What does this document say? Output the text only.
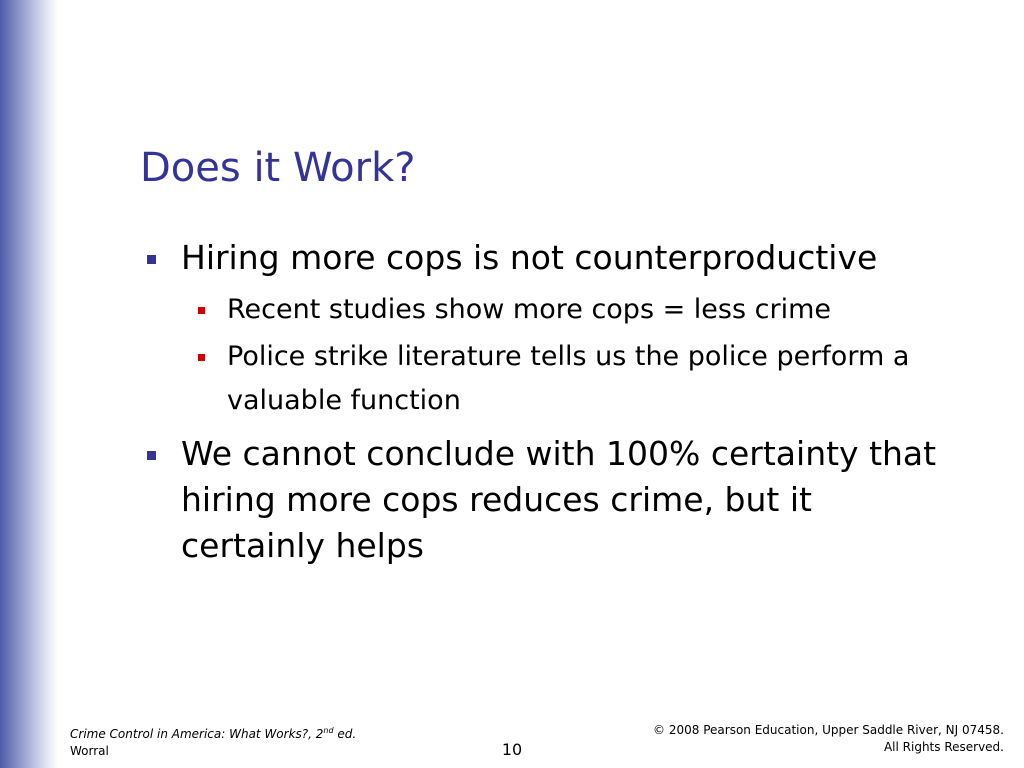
Does it Work?
Hiring more cops is not counterproductive
Recent studies show more cops = less crime
Police strike literature tells us the police perform a
valuable function
We cannot conclude with 100% certainty that
hiring more cops reduces crime, but it
certainly helps
Crime Control in America: What Works?, 2nd ed.
Worral	10
© 2008 Pearson Education, Upper Saddle River, NJ 07458.
All Rights Reserved.
